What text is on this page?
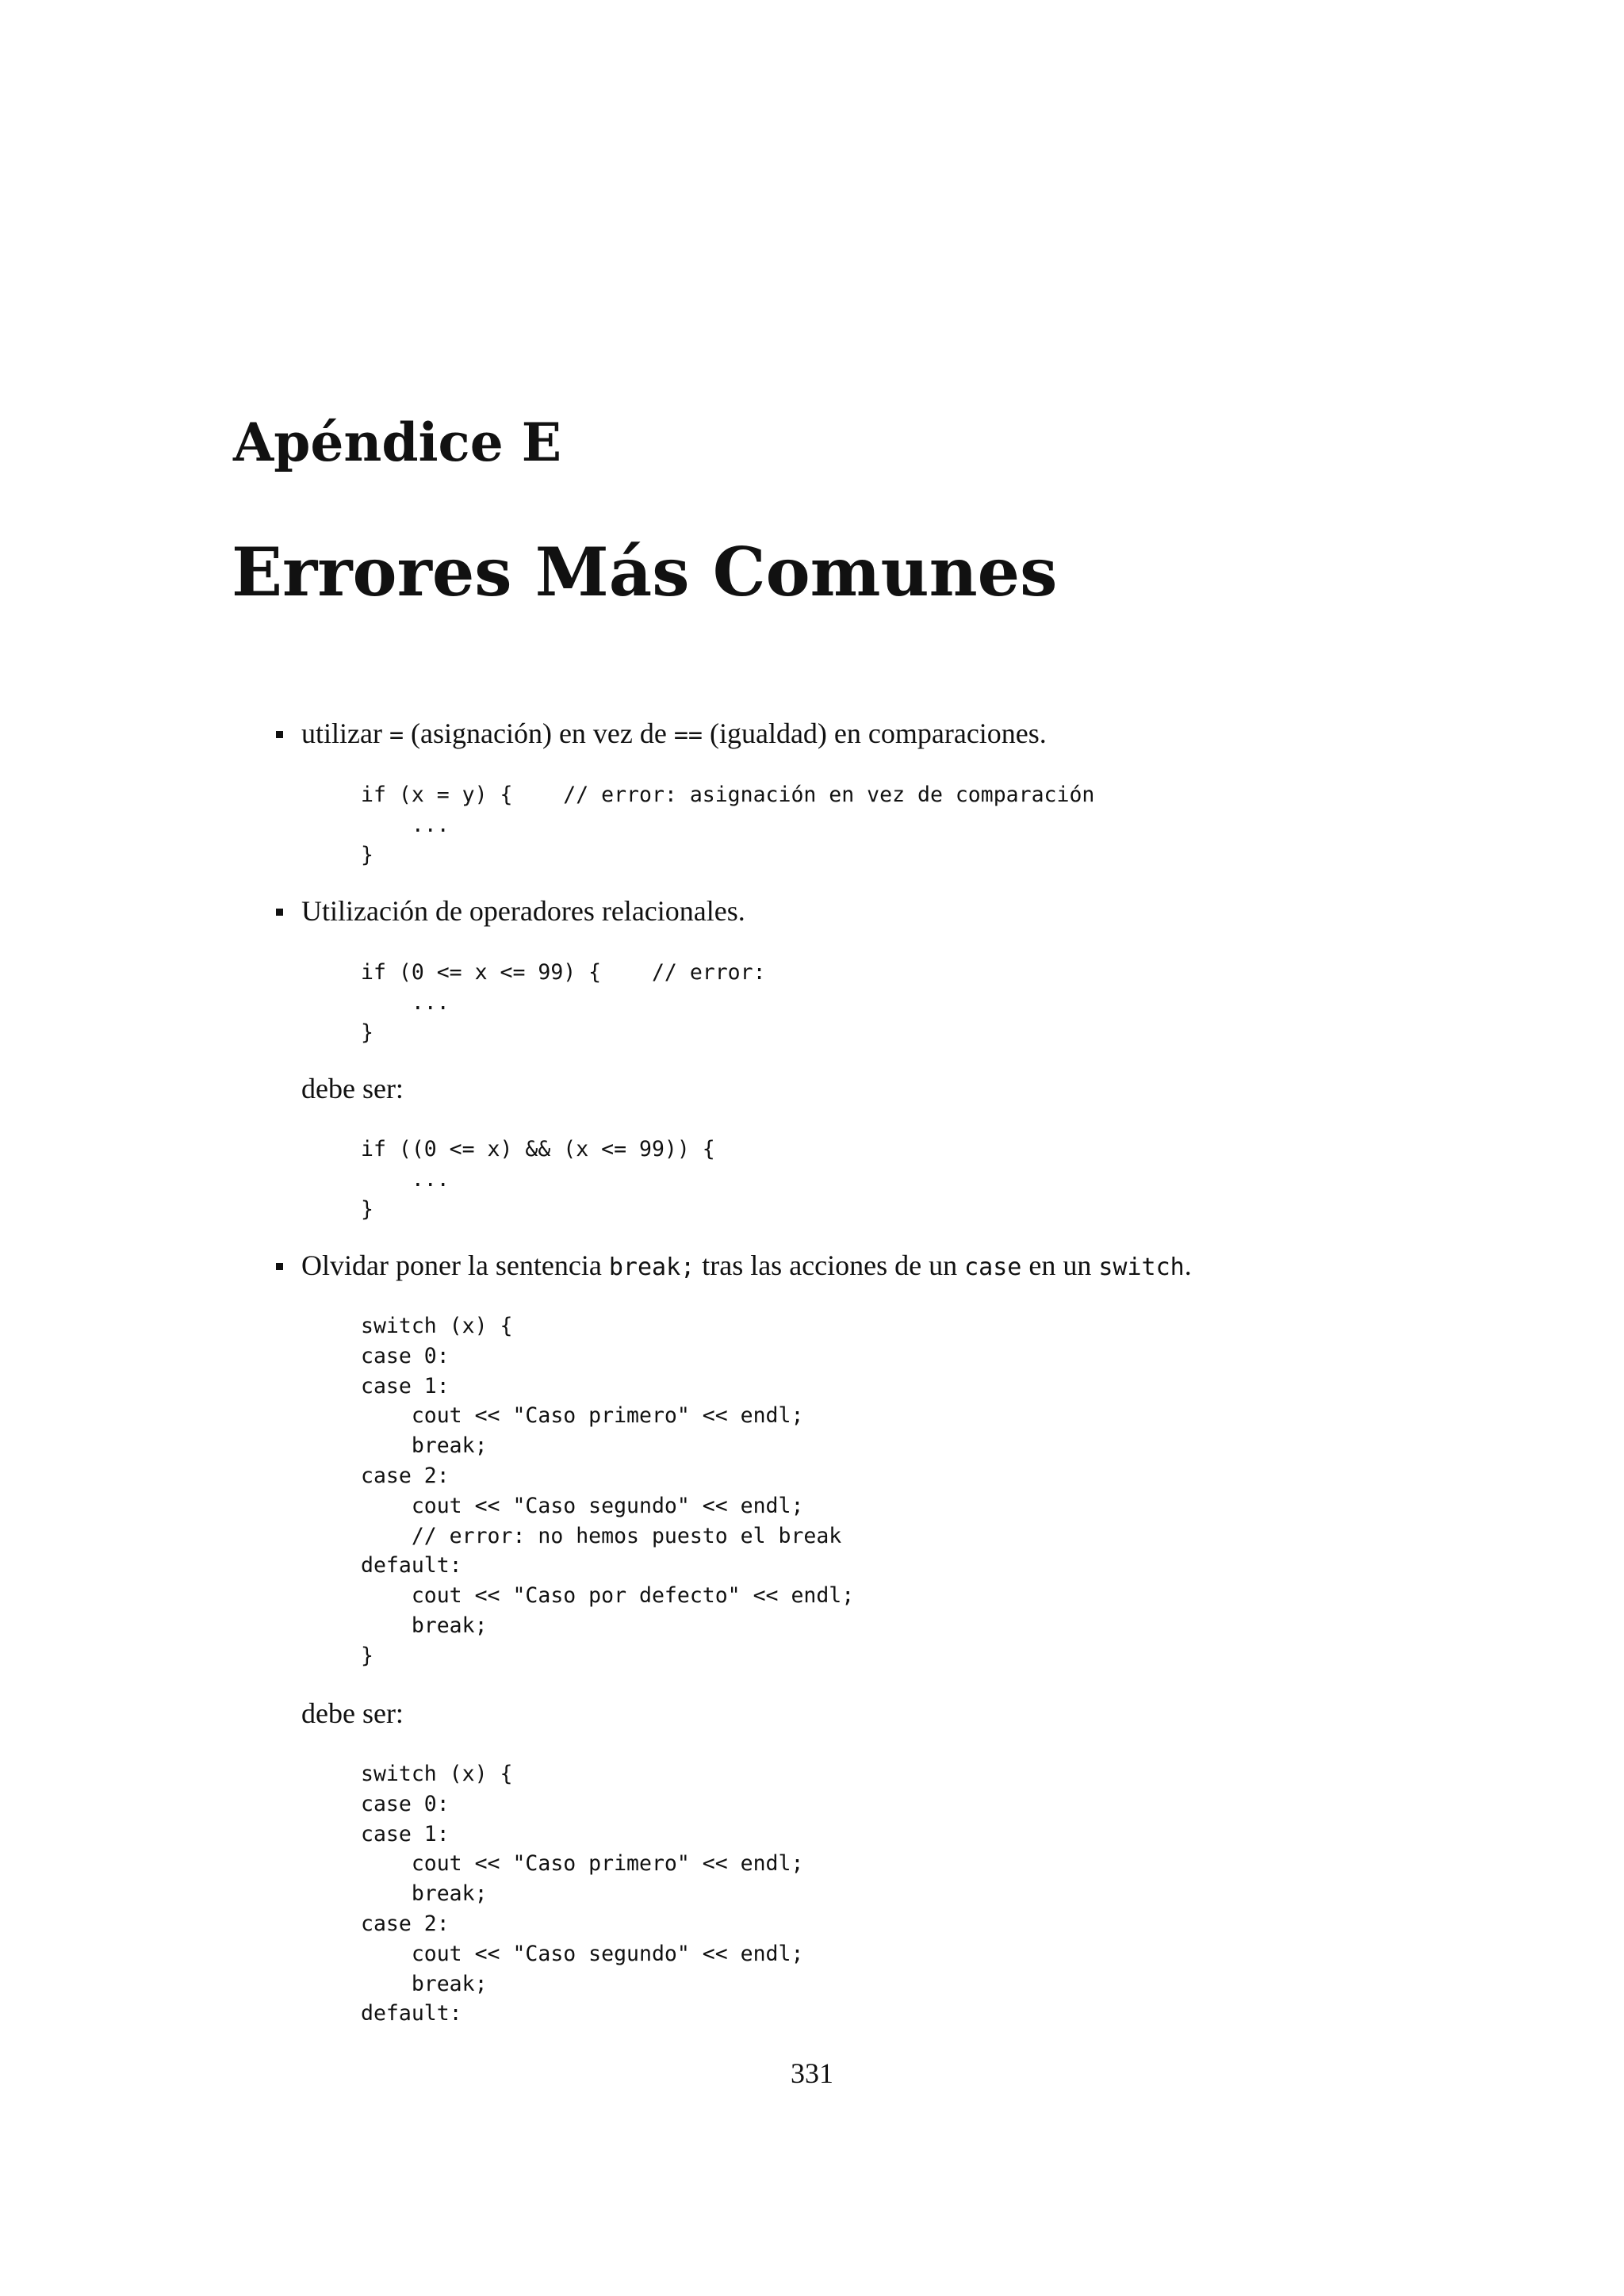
Apéndice E
Errores Más Comunes
utilizar = (asignación) en vez de == (igualdad) en comparaciones.
if (x = y) {    // error: asignación en vez de comparación
...
}
Utilización de operadores relacionales.
if (0 <= x <= 99) {    // error:
...
}
debe ser:
if ((0 <= x) && (x <= 99)) {
...
}
Olvidar poner la sentencia break; tras las acciones de un case en un switch.
switch (x) {
case 0:
case 1:
cout << "Caso primero" << endl;
break;
case 2:
cout << "Caso segundo" << endl;
// error: no hemos puesto el break
default:
cout << "Caso por defecto" << endl;
break;
}
debe ser:
switch (x) {
case 0:
case 1:
cout << "Caso primero" << endl;
break;
case 2:
cout << "Caso segundo" << endl;
break;
default:
331
